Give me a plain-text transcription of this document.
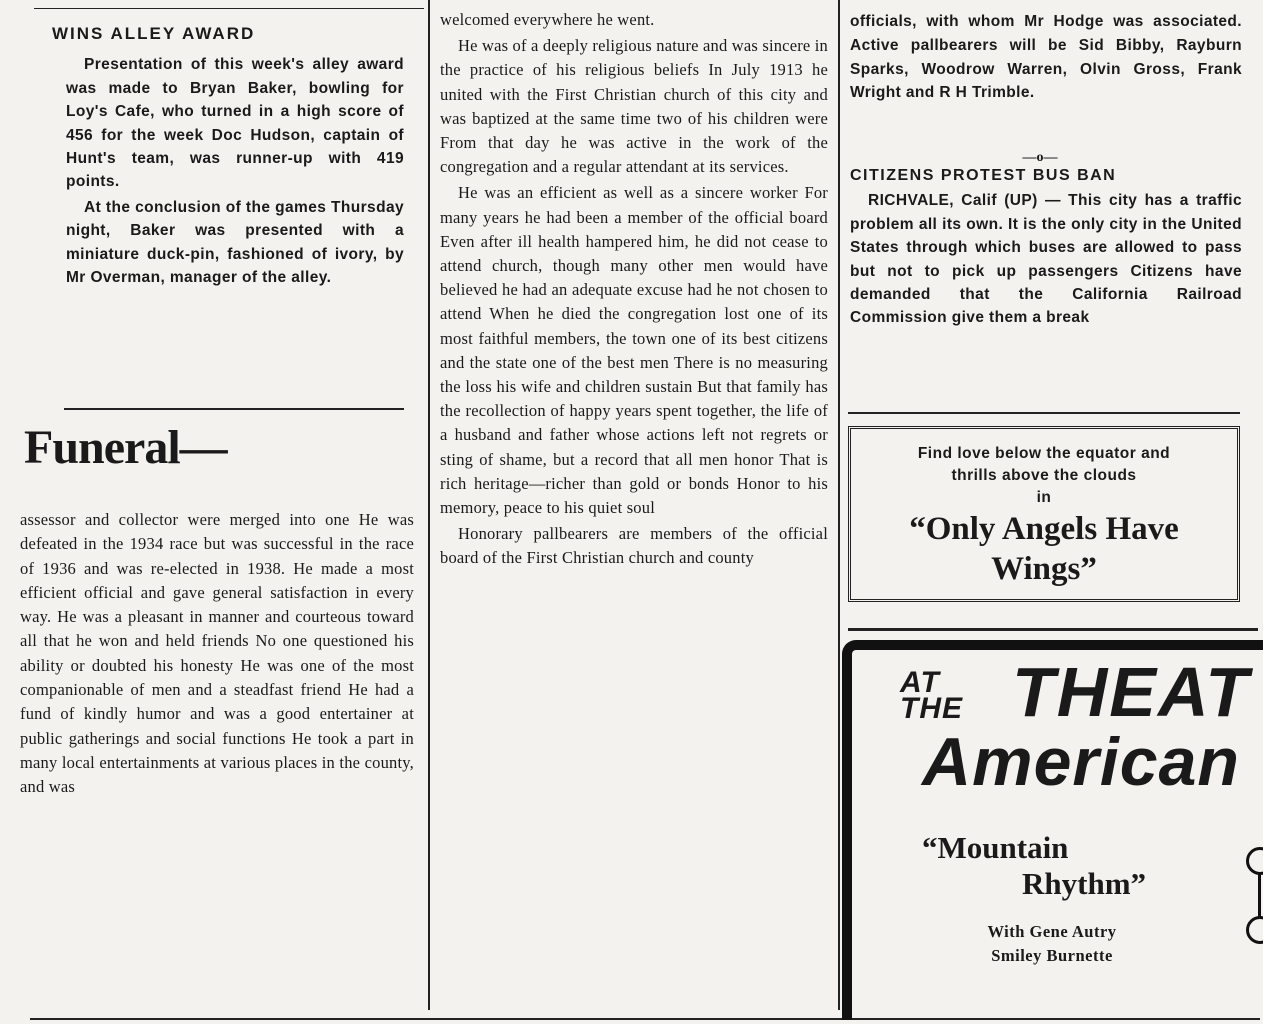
WINS ALLEY AWARD

Presentation of this week's alley award was made to Bryan Baker, bowling for Loy's Cafe, who turned in a high score of 456 for the week Doc Hudson, captain of Hunt's team, was runner-up with 419 points.

At the conclusion of the games Thursday night, Baker was presented with a miniature duck-pin, fashioned of ivory, by Mr Overman, manager of the alley.

Funeral—

assessor and collector were merged into one He was defeated in the 1934 race but was successful in the race of 1936 and was re-elected in 1938. He made a most efficient official and gave general satisfaction in every way. He was a pleasant in manner and courteous toward all that he won and held friends No one questioned his ability or doubted his honesty He was one of the most companionable of men and a steadfast friend He had a fund of kindly humor and was a good entertainer at public gatherings and social functions He took a part in many local entertainments at various places in the county, and was

welcomed everywhere he went.

He was of a deeply religious nature and was sincere in the practice of his religious beliefs In July 1913 he united with the First Christian church of this city and was baptized at the same time two of his children were From that day he was active in the work of the congregation and a regular attendant at its services.

He was an efficient as well as a sincere worker For many years he had been a member of the official board Even after ill health hampered him, he did not cease to attend church, though many other men would have believed he had an adequate excuse had he not chosen to attend When he died the congregation lost one of its most faithful members, the town one of its best citizens and the state one of the best men There is no measuring the loss his wife and children sustain But that family has the recollection of happy years spent together, the life of a husband and father whose actions left not regrets or sting of shame, but a record that all men honor That is rich heritage—richer than gold or bonds Honor to his memory, peace to his quiet soul

Honorary pallbearers are members of the official board of the First Christian church and county

officials, with whom Mr Hodge was associated. Active pallbearers will be Sid Bibby, Rayburn Sparks, Woodrow Warren, Olvin Gross, Frank Wright and R H Trimble.

—o—
CITIZENS PROTEST BUS BAN

RICHVALE, Calif (UP) — This city has a traffic problem all its own. It is the only city in the United States through which buses are allowed to pass but not to pick up passengers Citizens have demanded that the California Railroad Commission give them a break

Find love below the equator and
thrills above the clouds
in
“Only Angels Have Wings”
AT
THE THEAT
American
“Mountain
Rhythm”
With Gene Autry
Smiley Burnette
